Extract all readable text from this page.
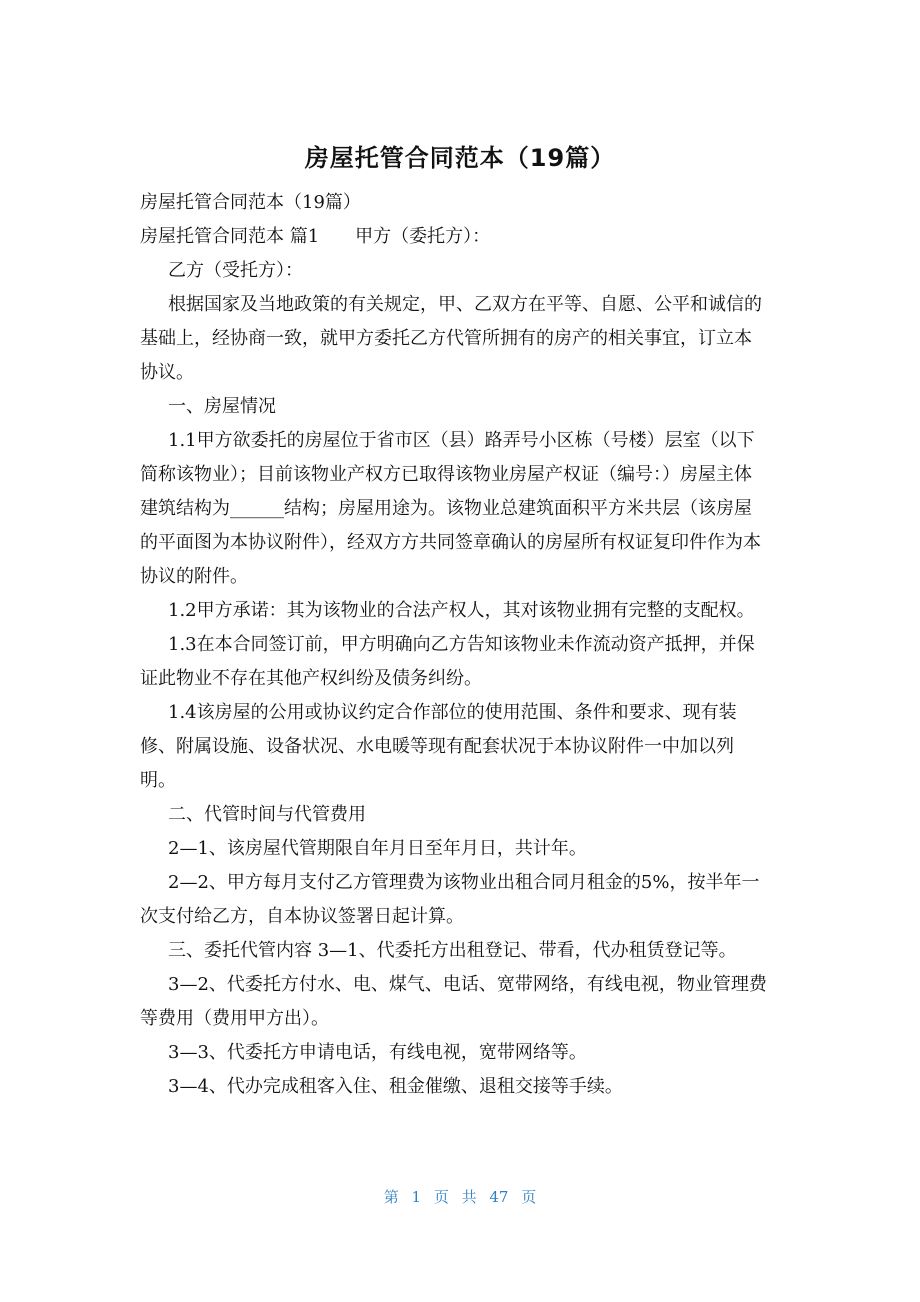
房屋托管合同范本（19篇）
房屋托管合同范本（19篇）
房屋托管合同范本 篇1　　甲方（委托方）：
乙方（受托方）：
根据国家及当地政策的有关规定，甲、乙双方在平等、自愿、公平和诚信的
基础上，经协商一致，就甲方委托乙方代管所拥有的房产的相关事宜，订立本
协议。
一、房屋情况
1.1甲方欲委托的房屋位于省市区（县）路弄号小区栋（号楼）层室（以下
简称该物业）；目前该物业产权方已取得该物业房屋产权证（编号：）房屋主体
建筑结构为______结构；房屋用途为。该物业总建筑面积平方米共层（该房屋
的平面图为本协议附件），经双方方共同签章确认的房屋所有权证复印件作为本
协议的附件。
1.2甲方承诺：其为该物业的合法产权人，其对该物业拥有完整的支配权。
1.3在本合同签订前，甲方明确向乙方告知该物业未作流动资产抵押，并保
证此物业不存在其他产权纠纷及债务纠纷。
1.4该房屋的公用或协议约定合作部位的使用范围、条件和要求、现有装
修、附属设施、设备状况、水电暖等现有配套状况于本协议附件一中加以列
明。
二、代管时间与代管费用
2—1、该房屋代管期限自年月日至年月日，共计年。
2—2、甲方每月支付乙方管理费为该物业出租合同月租金的5%，按半年一
次支付给乙方，自本协议签署日起计算。
三、委托代管内容 3—1、代委托方出租登记、带看，代办租赁登记等。
3—2、代委托方付水、电、煤气、电话、宽带网络，有线电视，物业管理费
等费用（费用甲方出）。
3—3、代委托方申请电话，有线电视，宽带网络等。
3—4、代办完成租客入住、租金催缴、退租交接等手续。
第 1 页 共 47 页
